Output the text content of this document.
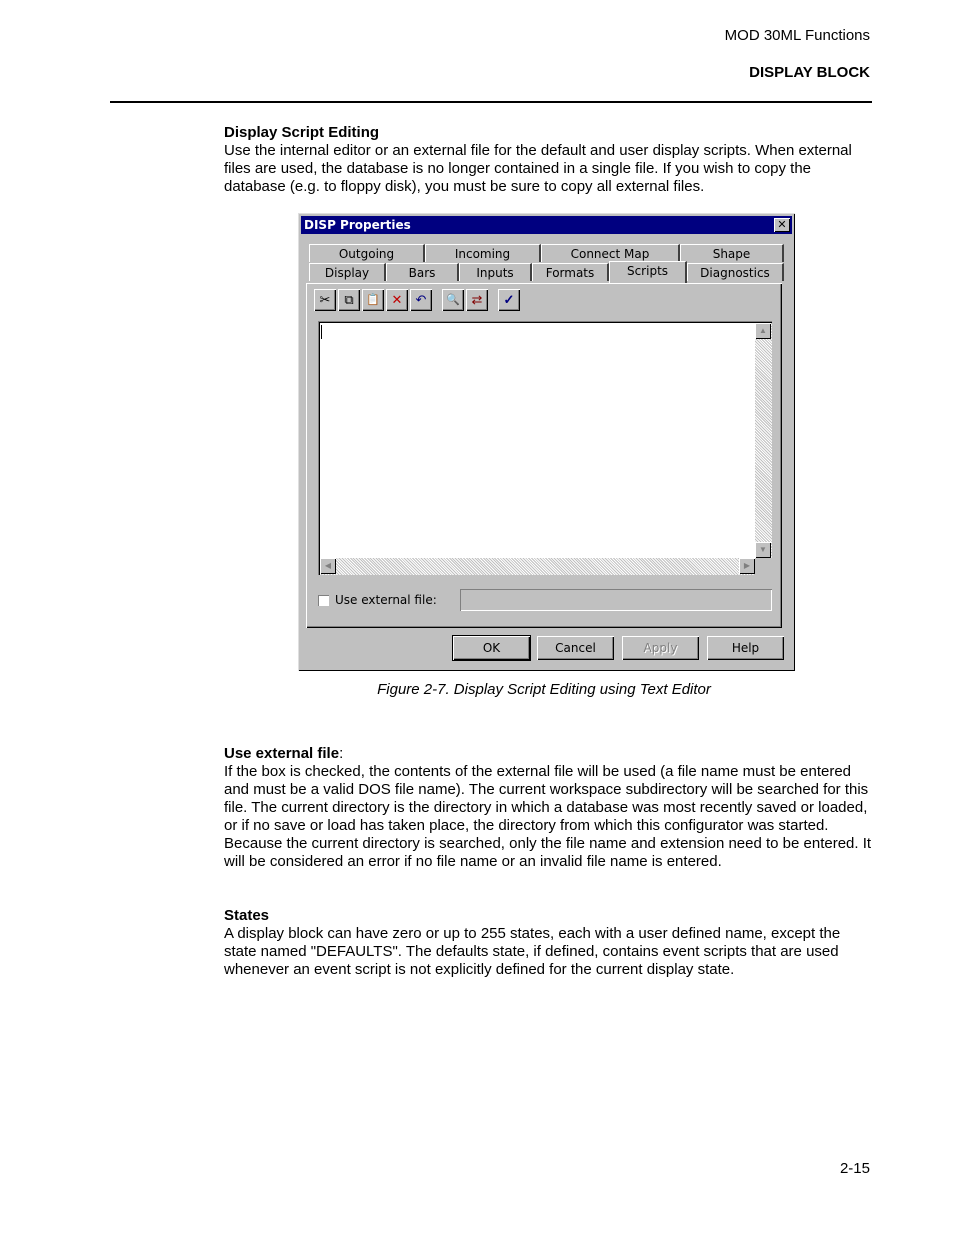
MOD 30ML Functions
DISPLAY BLOCK

Display Script Editing

Use the internal editor or an external file for the default and user display scripts. When external files are used, the database is no longer contained in a single file. If you wish to copy the database (e.g. to floppy disk), you must be sure to copy all external files.

DISP Properties	✕
Outgoing	Incoming	Connect Map	Shape
Display	Bars	Inputs	Formats	Scripts	Diagnostics
✂	⧉	📋 ✕	↶	🔍 ⇄	✓
▲
▼
◀	▶
Use external file:
OK	Cancel	Apply	Help
Figure 2-7. Display Script Editing using Text Editor

Use external file:

If the box is checked, the contents of the external file will be used (a file name must be entered and must be a valid DOS file name). The current workspace subdirectory will be searched for this file. The current directory is the directory in which a database was most recently saved or loaded, or if no save or load has taken place, the directory from which this configurator was started. Because the current directory is searched, only the file name and extension need to be entered. It will be considered an error if no file name or an invalid file name is entered.

States

A display block can have zero or up to 255 states, each with a user defined name, except the state named "DEFAULTS". The defaults state, if defined, contains event scripts that are used whenever an event script is not explicitly defined for the current display state.

2-15
